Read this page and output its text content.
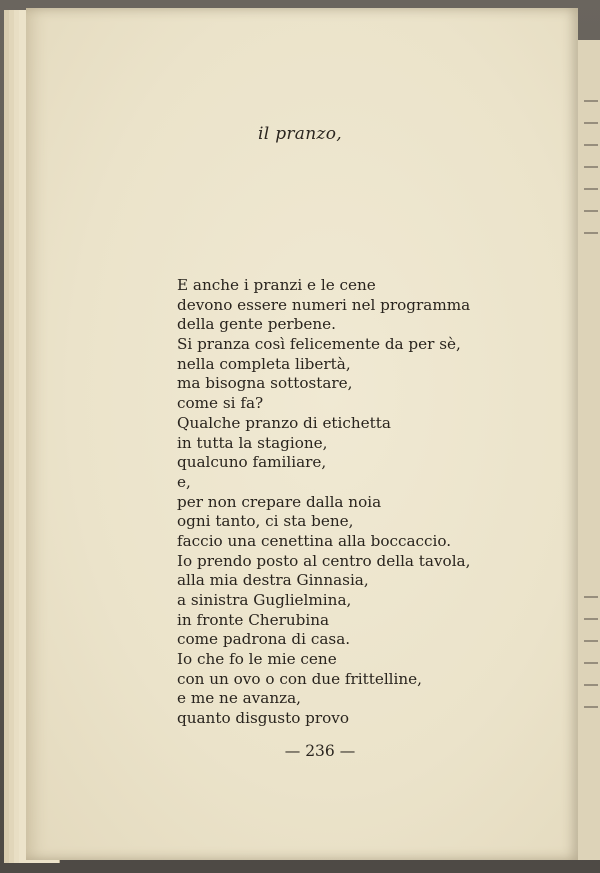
il pranzo,
E anche i pranzi e le cene
devono essere numeri nel programma
della gente perbene.
Si pranza così felicemente da per sè,
nella completa libertà,
ma bisogna sottostare,
come si fa?
Qualche pranzo di etichetta
in tutta la stagione,
qualcuno familiare,
e,
per non crepare dalla noia
ogni tanto, ci sta bene,
faccio una cenettina alla boccaccio.
Io prendo posto al centro della tavola,
alla mia destra Ginnasia,
a sinistra Guglielmina,
in fronte Cherubina
come padrona di casa.
Io che fo le mie cene
con un ovo o con due frittelline,
e me ne avanza,
quanto disgusto provo

— 236 —
